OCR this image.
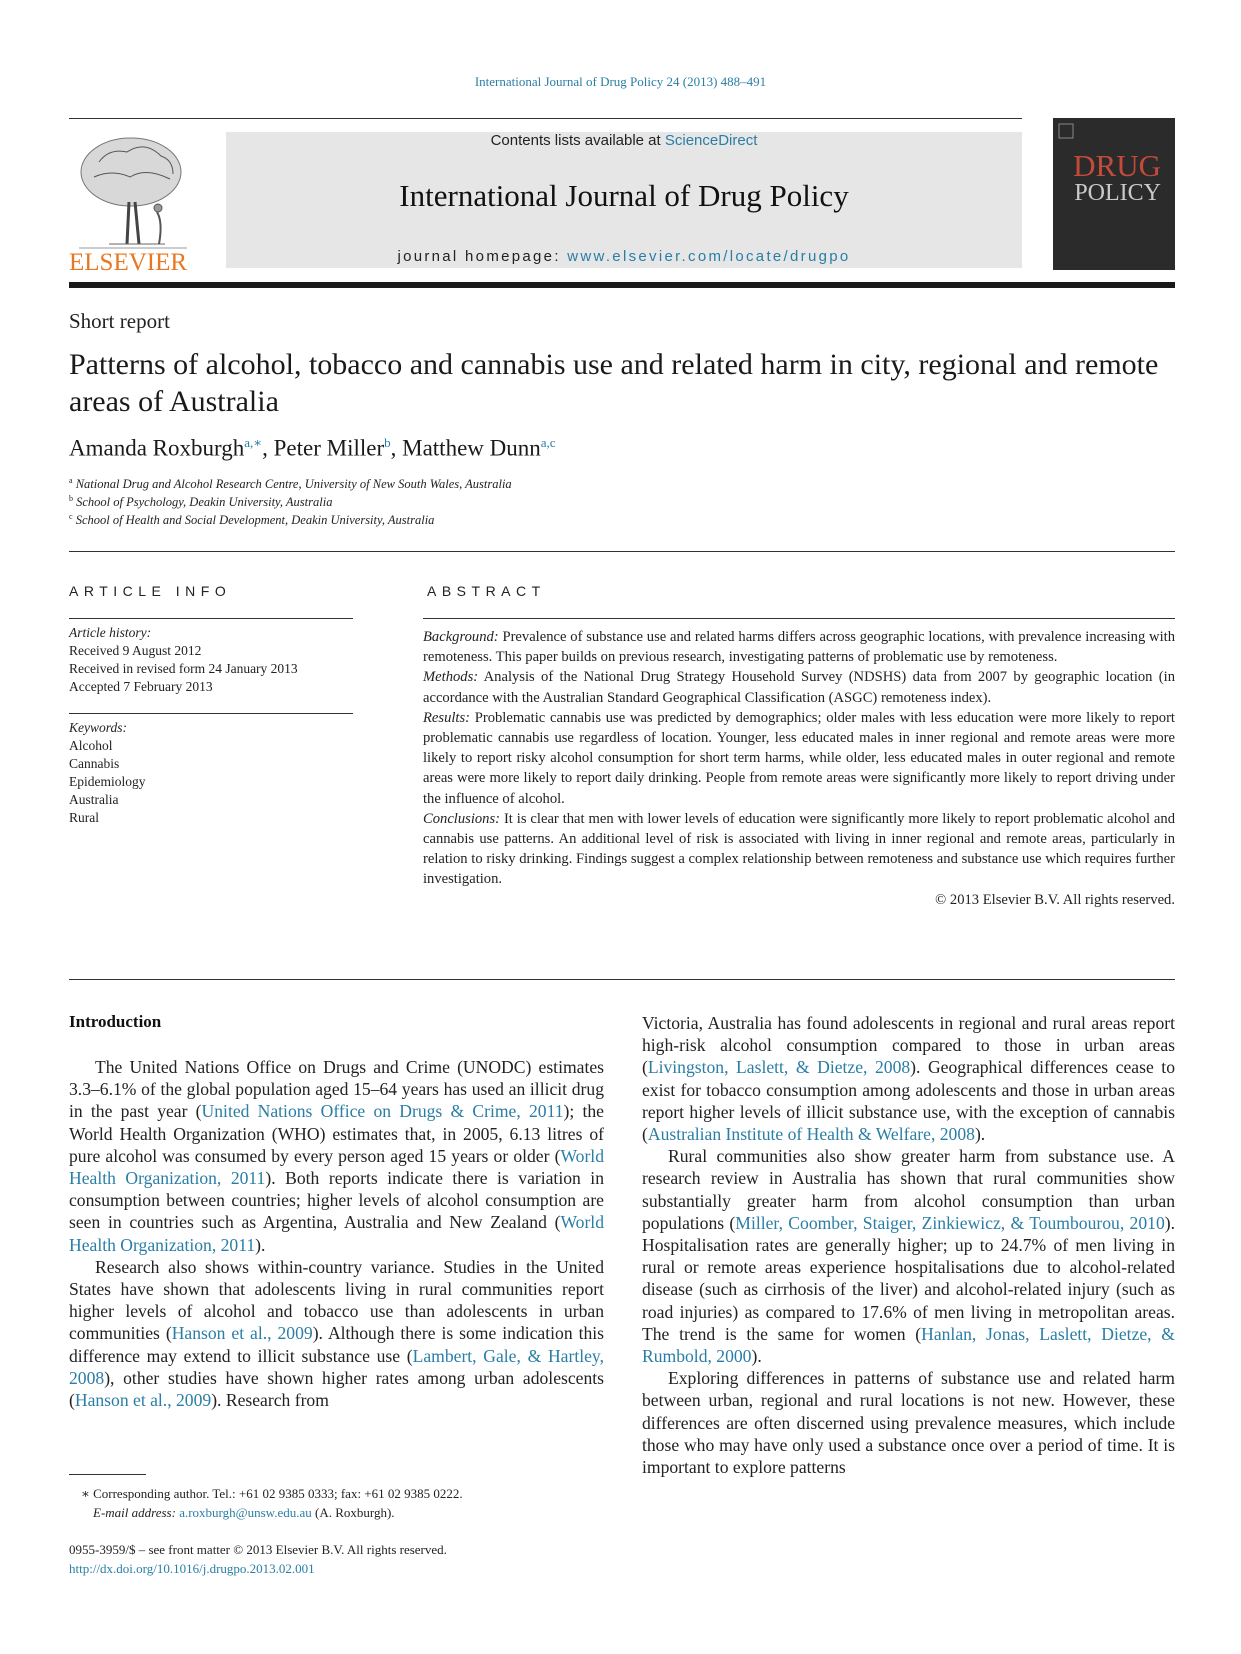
International Journal of Drug Policy 24 (2013) 488–491
ELSEVIER
Contents lists available at ScienceDirect
International Journal of Drug Policy
journal homepage: www.elsevier.com/locate/drugpo
DRUG
POLICY
Short report
Patterns of alcohol, tobacco and cannabis use and related harm in city, regional and remote areas of Australia
Amanda Roxburgh$^{a,∗}$, Peter Miller$^b$, Matthew Dunn$^{a,c}$
$^a$ National Drug and Alcohol Research Centre, University of New South Wales, Australia
$^b$ School of Psychology, Deakin University, Australia
$^c$ School of Health and Social Development, Deakin University, Australia
ARTICLE INFO
Article history:
Received 9 August 2012
Received in revised form 24 January 2013
Accepted 7 February 2013
Keywords:
Alcohol
Cannabis
Epidemiology
Australia
Rural
ABSTRACT

Background: Prevalence of substance use and related harms differs across geographic locations, with prevalence increasing with remoteness. This paper builds on previous research, investigating patterns of problematic use by remoteness.

Methods: Analysis of the National Drug Strategy Household Survey (NDSHS) data from 2007 by geographic location (in accordance with the Australian Standard Geographical Classification (ASGC) remoteness index).

Results: Problematic cannabis use was predicted by demographics; older males with less education were more likely to report problematic cannabis use regardless of location. Younger, less educated males in inner regional and remote areas were more likely to report risky alcohol consumption for short term harms, while older, less educated males in outer regional and remote areas were more likely to report daily drinking. People from remote areas were significantly more likely to report driving under the influence of alcohol.

Conclusions: It is clear that men with lower levels of education were significantly more likely to report problematic alcohol and cannabis use patterns. An additional level of risk is associated with living in inner regional and remote areas, particularly in relation to risky drinking. Findings suggest a complex relationship between remoteness and substance use which requires further investigation.

© 2013 Elsevier B.V. All rights reserved.

Introduction

The United Nations Office on Drugs and Crime (UNODC) estimates 3.3–6.1% of the global population aged 15–64 years has used an illicit drug in the past year (United Nations Office on Drugs & Crime, 2011); the World Health Organization (WHO) estimates that, in 2005, 6.13 litres of pure alcohol was consumed by every person aged 15 years or older (World Health Organization, 2011). Both reports indicate there is variation in consumption between countries; higher levels of alcohol consumption are seen in countries such as Argentina, Australia and New Zealand (World Health Organization, 2011).

Research also shows within-country variance. Studies in the United States have shown that adolescents living in rural communities report higher levels of alcohol and tobacco use than adolescents in urban communities (Hanson et al., 2009). Although there is some indication this difference may extend to illicit substance use (Lambert, Gale, & Hartley, 2008), other studies have shown higher rates among urban adolescents (Hanson et al., 2009). Research from

Victoria, Australia has found adolescents in regional and rural areas report high-risk alcohol consumption compared to those in urban areas (Livingston, Laslett, & Dietze, 2008). Geographical differences cease to exist for tobacco consumption among adolescents and those in urban areas report higher levels of illicit substance use, with the exception of cannabis (Australian Institute of Health & Welfare, 2008).

Rural communities also show greater harm from substance use. A research review in Australia has shown that rural communities show substantially greater harm from alcohol consumption than urban populations (Miller, Coomber, Staiger, Zinkiewicz, & Toumbourou, 2010). Hospitalisation rates are generally higher; up to 24.7% of men living in rural or remote areas experience hospitalisations due to alcohol-related disease (such as cirrhosis of the liver) and alcohol-related injury (such as road injuries) as compared to 17.6% of men living in metropolitan areas. The trend is the same for women (Hanlan, Jonas, Laslett, Dietze, & Rumbold, 2000).

Exploring differences in patterns of substance use and related harm between urban, regional and rural locations is not new. However, these differences are often discerned using prevalence measures, which include those who may have only used a substance once over a period of time. It is important to explore patterns

∗ Corresponding author. Tel.: +61 02 9385 0333; fax: +61 02 9385 0222.
E-mail address: a.roxburgh@unsw.edu.au (A. Roxburgh).
0955-3959/$ – see front matter © 2013 Elsevier B.V. All rights reserved.
http://dx.doi.org/10.1016/j.drugpo.2013.02.001
